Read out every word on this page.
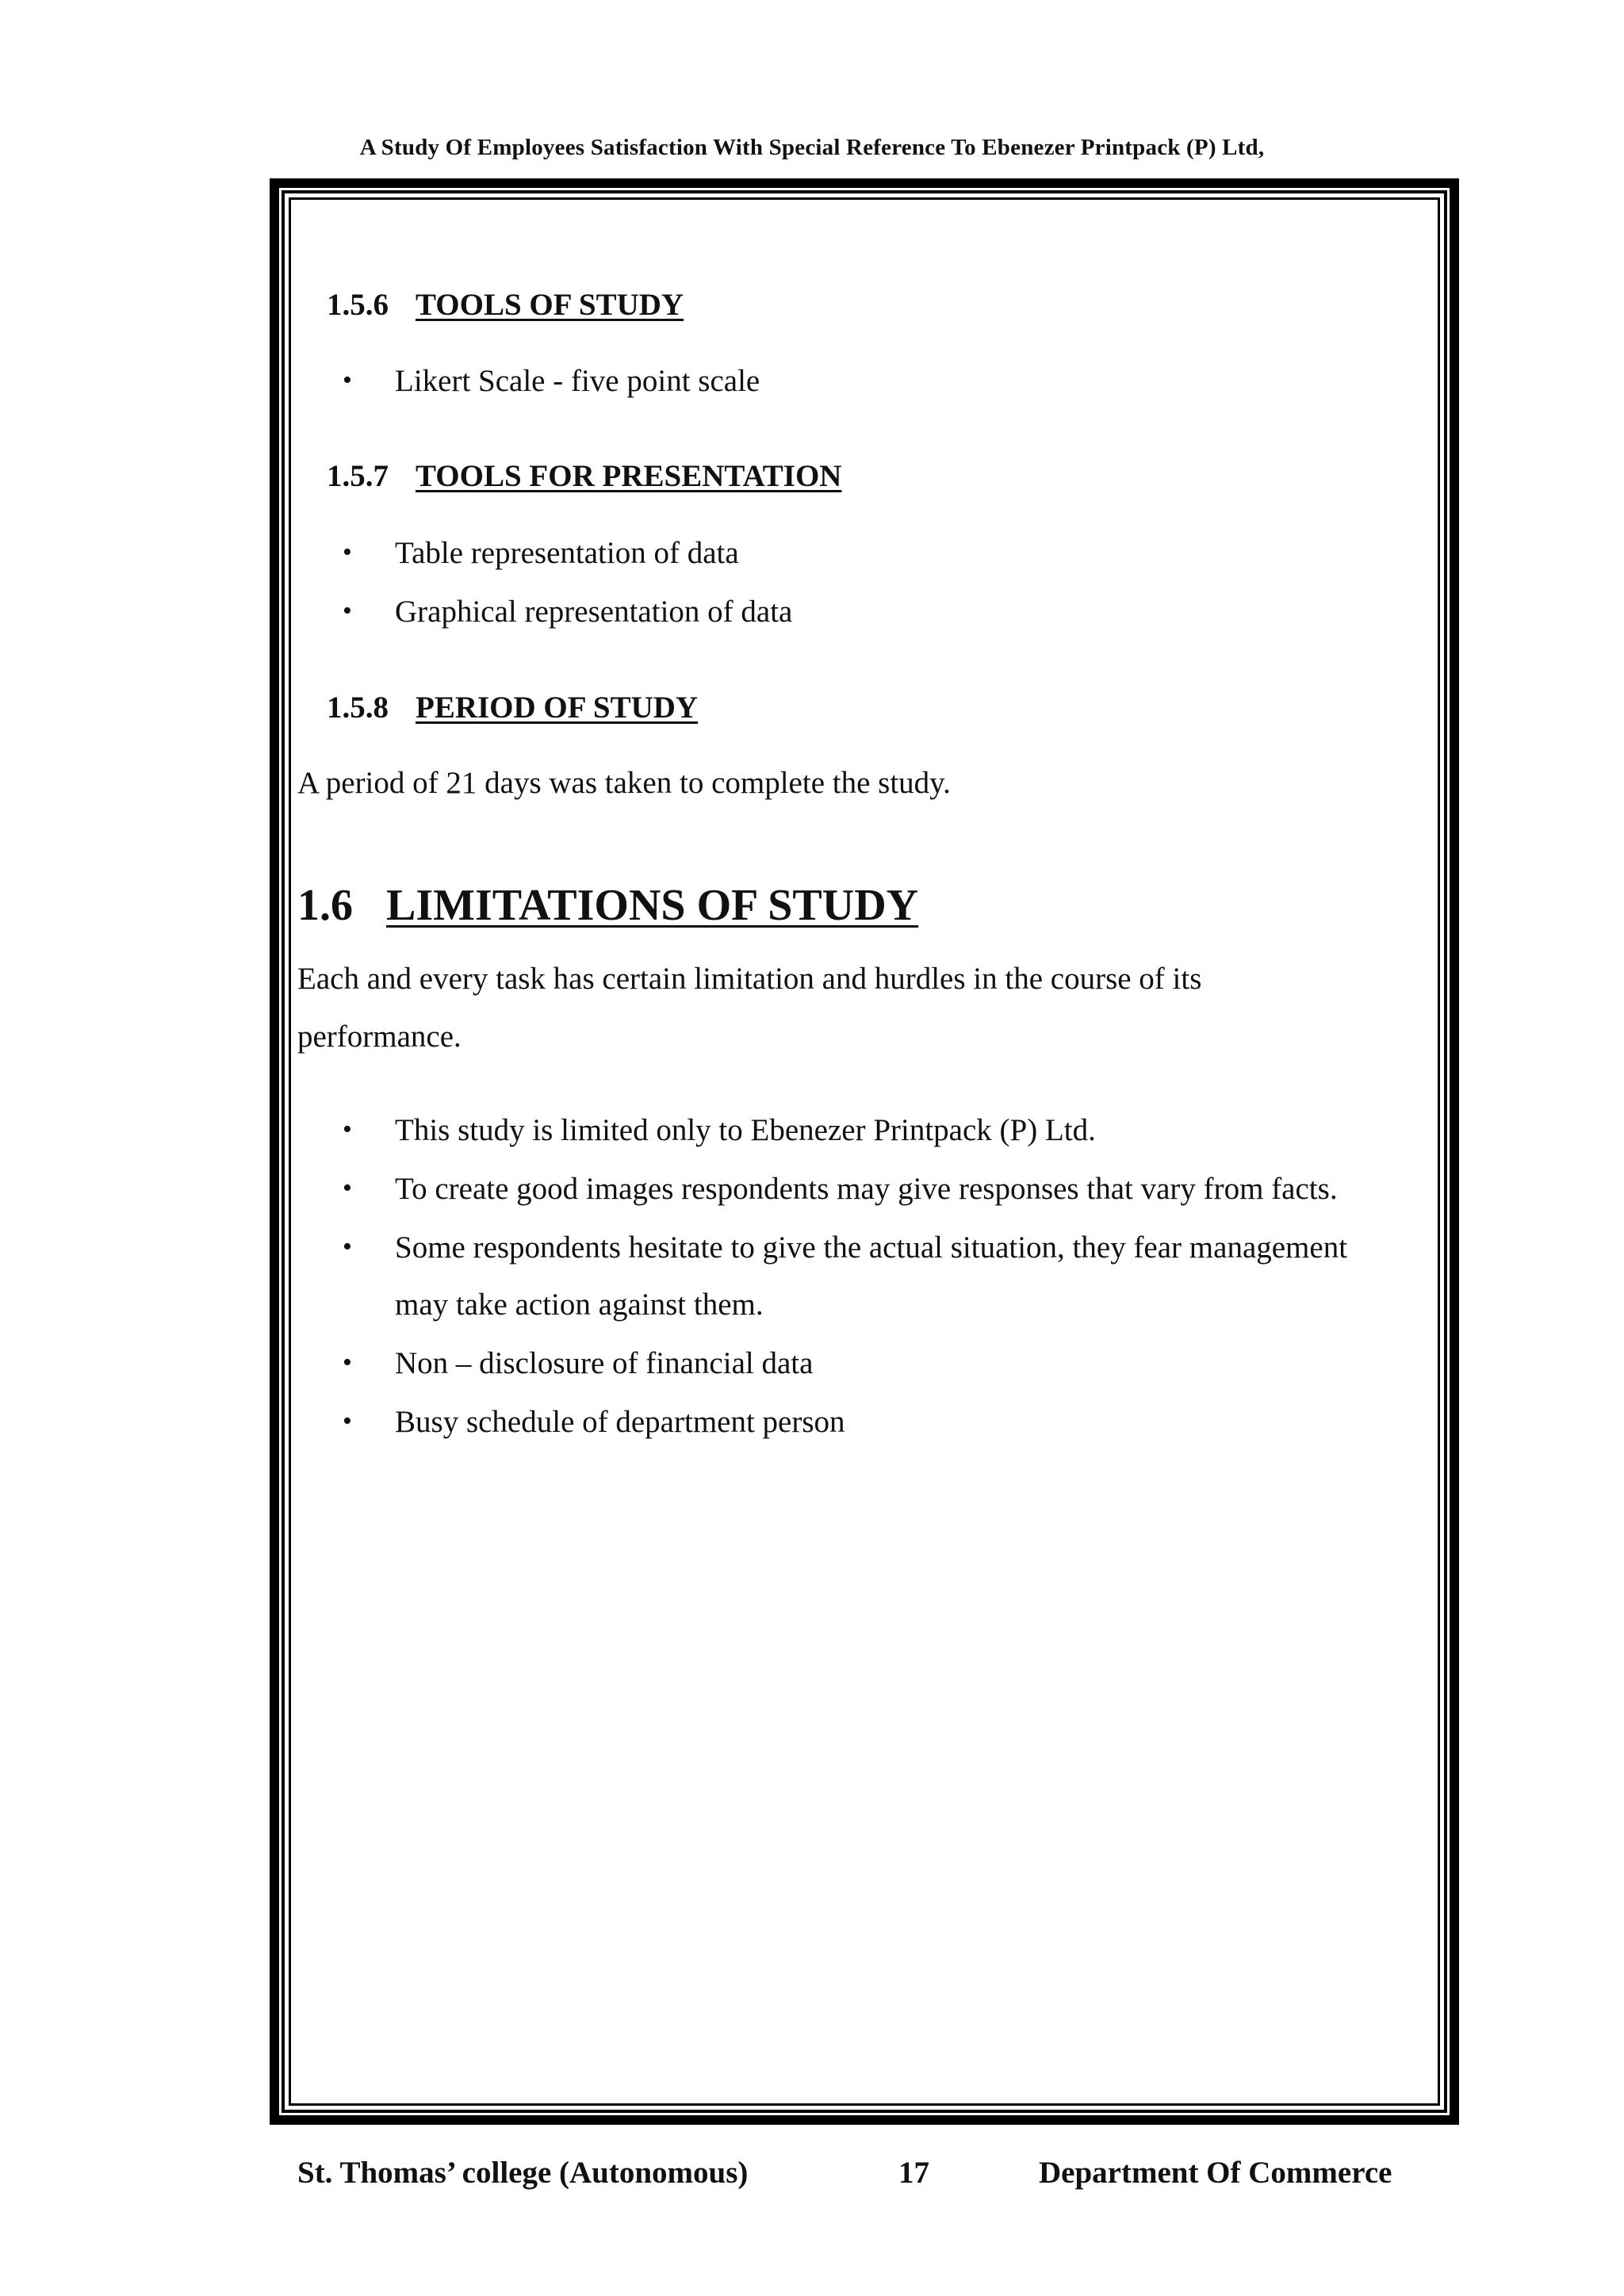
A Study Of Employees Satisfaction With Special Reference To Ebenezer Printpack (P) Ltd,
1.5.6 TOOLS OF STUDY
• Likert Scale - five point scale
1.5.7 TOOLS FOR PRESENTATION
• Table representation of data
• Graphical representation of data
1.5.8 PERIOD OF STUDY
A period of 21 days was taken to complete the study.
1.6 LIMITATIONS OF STUDY
Each and every task has certain limitation and hurdles in the course of its
performance.
• This study is limited only to Ebenezer Printpack (P) Ltd.
• To create good images respondents may give responses that vary from facts.
• Some respondents hesitate to give the actual situation, they fear management
may take action against them.
• Non – disclosure of financial data
• Busy schedule of department person
St. Thomas’ college (Autonomous)	17	Department Of Commerce
